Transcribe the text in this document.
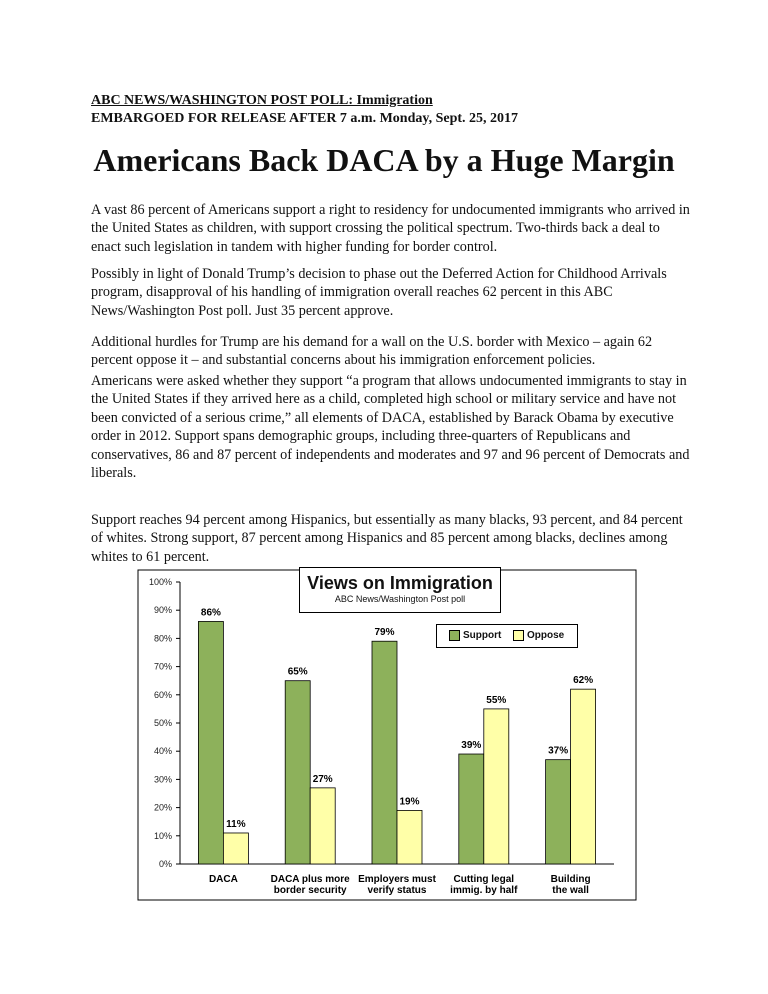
ABC NEWS/WASHINGTON POST POLL: Immigration
EMBARGOED FOR RELEASE AFTER 7 a.m. Monday, Sept. 25, 2017
Americans Back DACA by a Huge Margin

A vast 86 percent of Americans support a right to residency for undocumented immigrants who arrived in the United States as children, with support crossing the political spectrum. Two-thirds back a deal to enact such legislation in tandem with higher funding for border control.

Possibly in light of Donald Trump’s decision to phase out the Deferred Action for Childhood Arrivals program, disapproval of his handling of immigration overall reaches 62 percent in this ABC News/Washington Post poll. Just 35 percent approve.

Additional hurdles for Trump are his demand for a wall on the U.S. border with Mexico – again 62 percent oppose it – and substantial concerns about his immigration enforcement policies.

Americans were asked whether they support “a program that allows undocumented immigrants to stay in the United States if they arrived here as a child, completed high school or military service and have not been convicted of a serious crime,” all elements of DACA, established by Barack Obama by executive order in 2012. Support spans demographic groups, including three-quarters of Republicans and conservatives, 86 and 87 percent of independents and moderates and 97 and 96 percent of Democrats and liberals.

Support reaches 94 percent among Hispanics, but essentially as many blacks, 93 percent, and 84 percent of whites. Strong support, 87 percent among Hispanics and 85 percent among blacks, declines among whites to 61 percent.

0%
10%
20%
30%
40%
50%
60%
70%
80%
90%
100%
86%
11%
DACA
65%
27%
DACA plus more
border security
79%
19%
Employers must
verify status
39%
55%
Cutting legal
immig. by half
37%
62%
Building
the wall
Views on Immigration
ABC News/Washington Post poll
Support	Oppose
